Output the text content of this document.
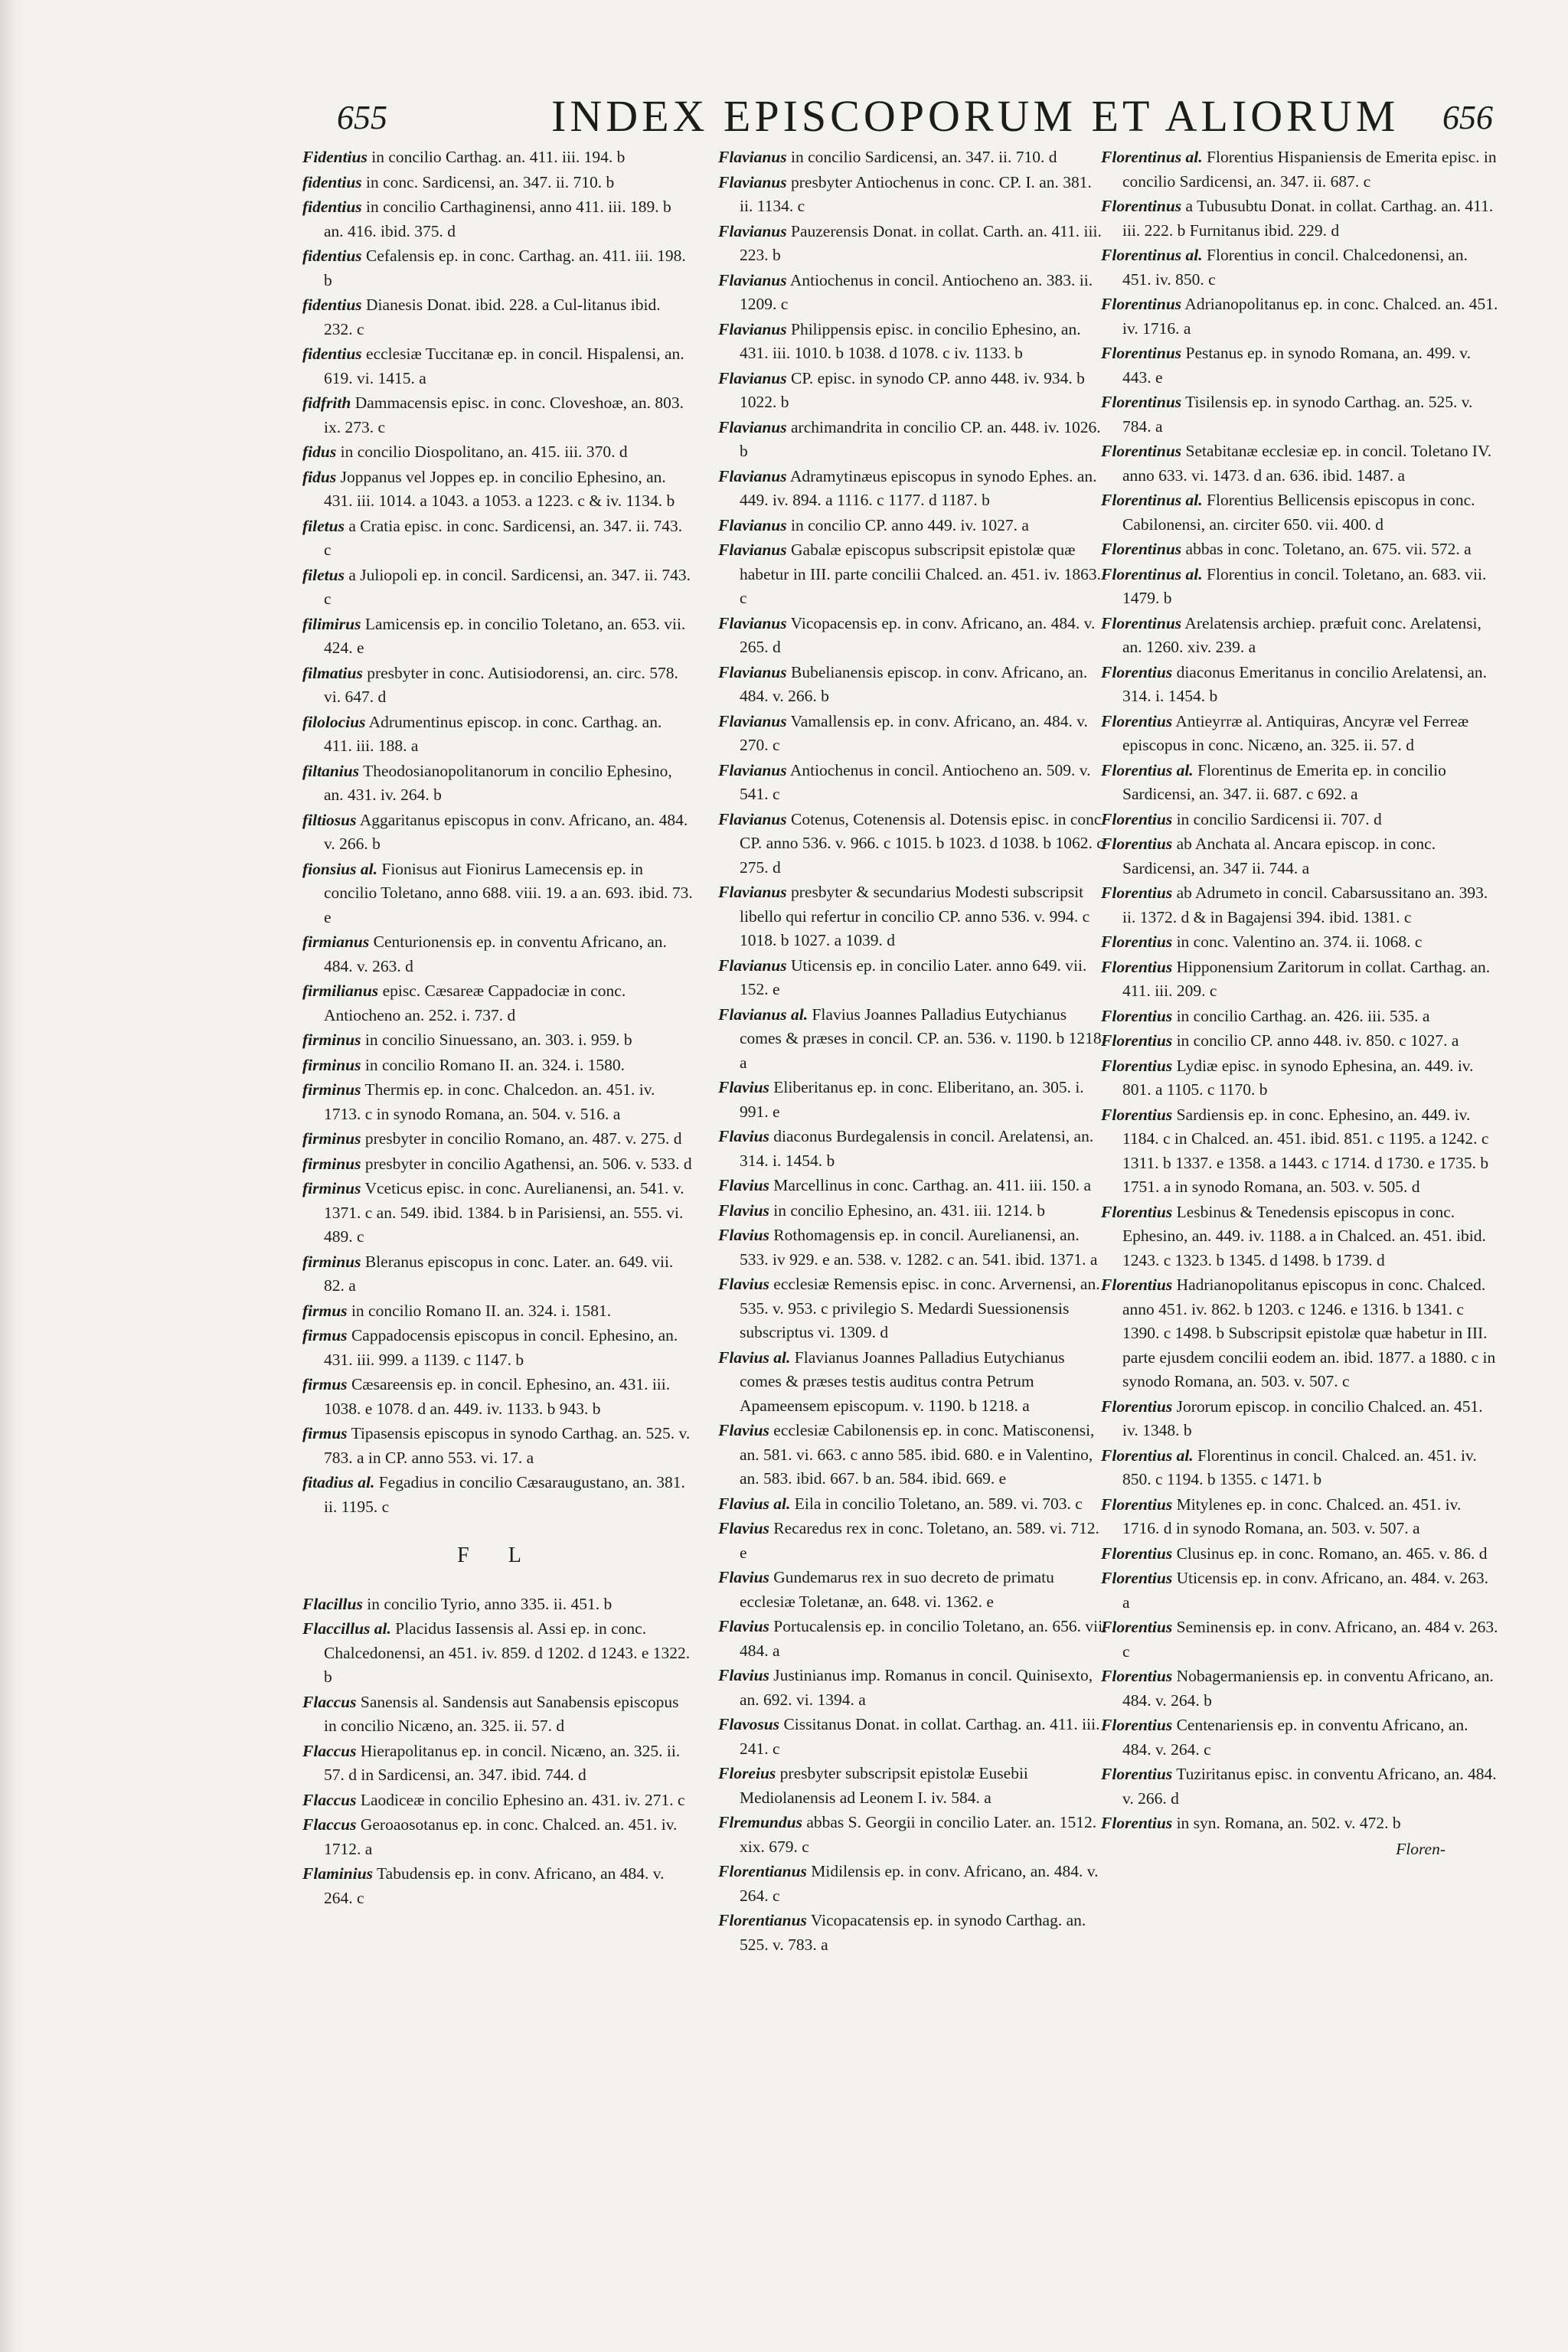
655	INDEX EPISCOPORUM ET ALIORUM 656

Fidentius in concilio Carthag. an. 411. iii. 194. b

fidentius in conc. Sardicensi, an. 347. ii. 710. b

fidentius in concilio Carthaginensi, anno 411. iii. 189. b an. 416. ibid. 375. d

fidentius Cefalensis ep. in conc. Carthag. an. 411. iii. 198. b

fidentius Dianesis Donat. ibid. 228. a Cul-litanus ibid. 232. c

fidentius ecclesiæ Tuccitanæ ep. in concil. Hispalensi, an. 619. vi. 1415. a

fidfrith Dammacensis episc. in conc. Cloveshoæ, an. 803. ix. 273. c

fidus in concilio Diospolitano, an. 415. iii. 370. d

fidus Joppanus vel Joppes ep. in concilio Ephesino, an. 431. iii. 1014. a 1043. a 1053. a 1223. c & iv. 1134. b

filetus a Cratia episc. in conc. Sardicensi, an. 347. ii. 743. c

filetus a Juliopoli ep. in concil. Sardicensi, an. 347. ii. 743. c

filimirus Lamicensis ep. in concilio Toletano, an. 653. vii. 424. e

filmatius presbyter in conc. Autisiodorensi, an. circ. 578. vi. 647. d

filolocius Adrumentinus episcop. in conc. Carthag. an. 411. iii. 188. a

filtanius Theodosianopolitanorum in concilio Ephesino, an. 431. iv. 264. b

filtiosus Aggaritanus episcopus in conv. Africano, an. 484. v. 266. b

fionsius al. Fionisus aut Fionirus Lamecensis ep. in concilio Toletano, anno 688. viii. 19. a an. 693. ibid. 73. e

firmianus Centurionensis ep. in conventu Africano, an. 484. v. 263. d

firmilianus episc. Cæsareæ Cappadociæ in conc. Antiocheno an. 252. i. 737. d

firminus in concilio Sinuessano, an. 303. i. 959. b

firminus in concilio Romano II. an. 324. i. 1580.

firminus Thermis ep. in conc. Chalcedon. an. 451. iv. 1713. c in synodo Romana, an. 504. v. 516. a

firminus presbyter in concilio Romano, an. 487. v. 275. d

firminus presbyter in concilio Agathensi, an. 506. v. 533. d

firminus Vceticus episc. in conc. Aurelianensi, an. 541. v. 1371. c an. 549. ibid. 1384. b in Parisiensi, an. 555. vi. 489. c

firminus Bleranus episcopus in conc. Later. an. 649. vii. 82. a

firmus in concilio Romano II. an. 324. i. 1581.

firmus Cappadocensis episcopus in concil. Ephesino, an. 431. iii. 999. a 1139. c 1147. b

firmus Cæsareensis ep. in concil. Ephesino, an. 431. iii. 1038. e 1078. d an. 449. iv. 1133. b 943. b

firmus Tipasensis episcopus in synodo Carthag. an. 525. v. 783. a in CP. anno 553. vi. 17. a

fitadius al. Fegadius in concilio Cæsaraugustano, an. 381. ii. 1195. c

F L

Flacillus in concilio Tyrio, anno 335. ii. 451. b

Flaccillus al. Placidus Iassensis al. Assi ep. in conc. Chalcedonensi, an 451. iv. 859. d 1202. d 1243. e 1322. b

Flaccus Sanensis al. Sandensis aut Sanabensis episcopus in concilio Nicæno, an. 325. ii. 57. d

Flaccus Hierapolitanus ep. in concil. Nicæno, an. 325. ii. 57. d in Sardicensi, an. 347. ibid. 744. d

Flaccus Laodiceæ in concilio Ephesino an. 431. iv. 271. c

Flaccus Geroaosotanus ep. in conc. Chalced. an. 451. iv. 1712. a

Flaminius Tabudensis ep. in conv. Africano, an 484. v. 264. c

Flavianus in concilio Sardicensi, an. 347. ii. 710. d

Flavianus presbyter Antiochenus in conc. CP. I. an. 381. ii. 1134. c

Flavianus Pauzerensis Donat. in collat. Carth. an. 411. iii. 223. b

Flavianus Antiochenus in concil. Antiocheno an. 383. ii. 1209. c

Flavianus Philippensis episc. in concilio Ephesino, an. 431. iii. 1010. b 1038. d 1078. c iv. 1133. b

Flavianus CP. episc. in synodo CP. anno 448. iv. 934. b 1022. b

Flavianus archimandrita in concilio CP. an. 448. iv. 1026. b

Flavianus Adramytinæus episcopus in synodo Ephes. an. 449. iv. 894. a 1116. c 1177. d 1187. b

Flavianus in concilio CP. anno 449. iv. 1027. a

Flavianus Gabalæ episcopus subscripsit epistolæ quæ habetur in III. parte concilii Chalced. an. 451. iv. 1863. c

Flavianus Vicopacensis ep. in conv. Africano, an. 484. v. 265. d

Flavianus Bubelianensis episcop. in conv. Africano, an. 484. v. 266. b

Flavianus Vamallensis ep. in conv. Africano, an. 484. v. 270. c

Flavianus Antiochenus in concil. Antiocheno an. 509. v. 541. c

Flavianus Cotenus, Cotenensis al. Dotensis episc. in conc. CP. anno 536. v. 966. c 1015. b 1023. d 1038. b 1062. c 275. d

Flavianus presbyter & secundarius Modesti subscripsit libello qui refertur in concilio CP. anno 536. v. 994. c 1018. b 1027. a 1039. d

Flavianus Uticensis ep. in concilio Later. anno 649. vii. 152. e

Flavianus al. Flavius Joannes Palladius Eutychianus comes & præses in concil. CP. an. 536. v. 1190. b 1218. a

Flavius Eliberitanus ep. in conc. Eliberitano, an. 305. i. 991. e

Flavius diaconus Burdegalensis in concil. Arelatensi, an. 314. i. 1454. b

Flavius Marcellinus in conc. Carthag. an. 411. iii. 150. a

Flavius in concilio Ephesino, an. 431. iii. 1214. b

Flavius Rothomagensis ep. in concil. Aurelianensi, an. 533. iv 929. e an. 538. v. 1282. c an. 541. ibid. 1371. a

Flavius ecclesiæ Remensis episc. in conc. Arvernensi, an. 535. v. 953. c privilegio S. Medardi Suessionensis subscriptus vi. 1309. d

Flavius al. Flavianus Joannes Palladius Eutychianus comes & præses testis auditus contra Petrum Apameensem episcopum. v. 1190. b 1218. a

Flavius ecclesiæ Cabilonensis ep. in conc. Matisconensi, an. 581. vi. 663. c anno 585. ibid. 680. e in Valentino, an. 583. ibid. 667. b an. 584. ibid. 669. e

Flavius al. Eila in concilio Toletano, an. 589. vi. 703. c

Flavius Recaredus rex in conc. Toletano, an. 589. vi. 712. e

Flavius Gundemarus rex in suo decreto de primatu ecclesiæ Toletanæ, an. 648. vi. 1362. e

Flavius Portucalensis ep. in concilio Toletano, an. 656. vii. 484. a

Flavius Justinianus imp. Romanus in concil. Quinisexto, an. 692. vi. 1394. a

Flavosus Cissitanus Donat. in collat. Carthag. an. 411. iii. 241. c

Floreius presbyter subscripsit epistolæ Eusebii Mediolanensis ad Leonem I. iv. 584. a

Flremundus abbas S. Georgii in concilio Later. an. 1512. xix. 679. c

Florentianus Midilensis ep. in conv. Africano, an. 484. v. 264. c

Florentianus Vicopacatensis ep. in synodo Carthag. an. 525. v. 783. a

Florentinus al. Florentius Hispaniensis de Emerita episc. in concilio Sardicensi, an. 347. ii. 687. c

Florentinus a Tubusubtu Donat. in collat. Carthag. an. 411. iii. 222. b Furnitanus ibid. 229. d

Florentinus al. Florentius in concil. Chalcedonensi, an. 451. iv. 850. c

Florentinus Adrianopolitanus ep. in conc. Chalced. an. 451. iv. 1716. a

Florentinus Pestanus ep. in synodo Romana, an. 499. v. 443. e

Florentinus Tisilensis ep. in synodo Carthag. an. 525. v. 784. a

Florentinus Setabitanæ ecclesiæ ep. in concil. Toletano IV. anno 633. vi. 1473. d an. 636. ibid. 1487. a

Florentinus al. Florentius Bellicensis episcopus in conc. Cabilonensi, an. circiter 650. vii. 400. d

Florentinus abbas in conc. Toletano, an. 675. vii. 572. a

Florentinus al. Florentius in concil. Toletano, an. 683. vii. 1479. b

Florentinus Arelatensis archiep. præfuit conc. Arelatensi, an. 1260. xiv. 239. a

Florentius diaconus Emeritanus in concilio Arelatensi, an. 314. i. 1454. b

Florentius Antieyrræ al. Antiquiras, Ancyræ vel Ferreæ episcopus in conc. Nicæno, an. 325. ii. 57. d

Florentius al. Florentinus de Emerita ep. in concilio Sardicensi, an. 347. ii. 687. c 692. a

Florentius in concilio Sardicensi ii. 707. d

Florentius ab Anchata al. Ancara episcop. in conc. Sardicensi, an. 347 ii. 744. a

Florentius ab Adrumeto in concil. Cabarsussitano an. 393. ii. 1372. d & in Bagajensi 394. ibid. 1381. c

Florentius in conc. Valentino an. 374. ii. 1068. c

Florentius Hipponensium Zaritorum in collat. Carthag. an. 411. iii. 209. c

Florentius in concilio Carthag. an. 426. iii. 535. a

Florentius in concilio CP. anno 448. iv. 850. c 1027. a

Florentius Lydiæ episc. in synodo Ephesina, an. 449. iv. 801. a 1105. c 1170. b

Florentius Sardiensis ep. in conc. Ephesino, an. 449. iv. 1184. c in Chalced. an. 451. ibid. 851. c 1195. a 1242. c 1311. b 1337. e 1358. a 1443. c 1714. d 1730. e 1735. b 1751. a in synodo Romana, an. 503. v. 505. d

Florentius Lesbinus & Tenedensis episcopus in conc. Ephesino, an. 449. iv. 1188. a in Chalced. an. 451. ibid. 1243. c 1323. b 1345. d 1498. b 1739. d

Florentius Hadrianopolitanus episcopus in conc. Chalced. anno 451. iv. 862. b 1203. c 1246. e 1316. b 1341. c 1390. c 1498. b Subscripsit epistolæ quæ habetur in III. parte ejusdem concilii eodem an. ibid. 1877. a 1880. c in synodo Romana, an. 503. v. 507. c

Florentius Jororum episcop. in concilio Chalced. an. 451. iv. 1348. b

Florentius al. Florentinus in concil. Chalced. an. 451. iv. 850. c 1194. b 1355. c 1471. b

Florentius Mitylenes ep. in conc. Chalced. an. 451. iv. 1716. d in synodo Romana, an. 503. v. 507. a

Florentius Clusinus ep. in conc. Romano, an. 465. v. 86. d

Florentius Uticensis ep. in conv. Africano, an. 484. v. 263. a

Florentius Seminensis ep. in conv. Africano, an. 484 v. 263. c

Florentius Nobagermaniensis ep. in conventu Africano, an. 484. v. 264. b

Florentius Centenariensis ep. in conventu Africano, an. 484. v. 264. c

Florentius Tuziritanus episc. in conventu Africano, an. 484. v. 266. d

Florentius in syn. Romana, an. 502. v. 472. b

Floren-
